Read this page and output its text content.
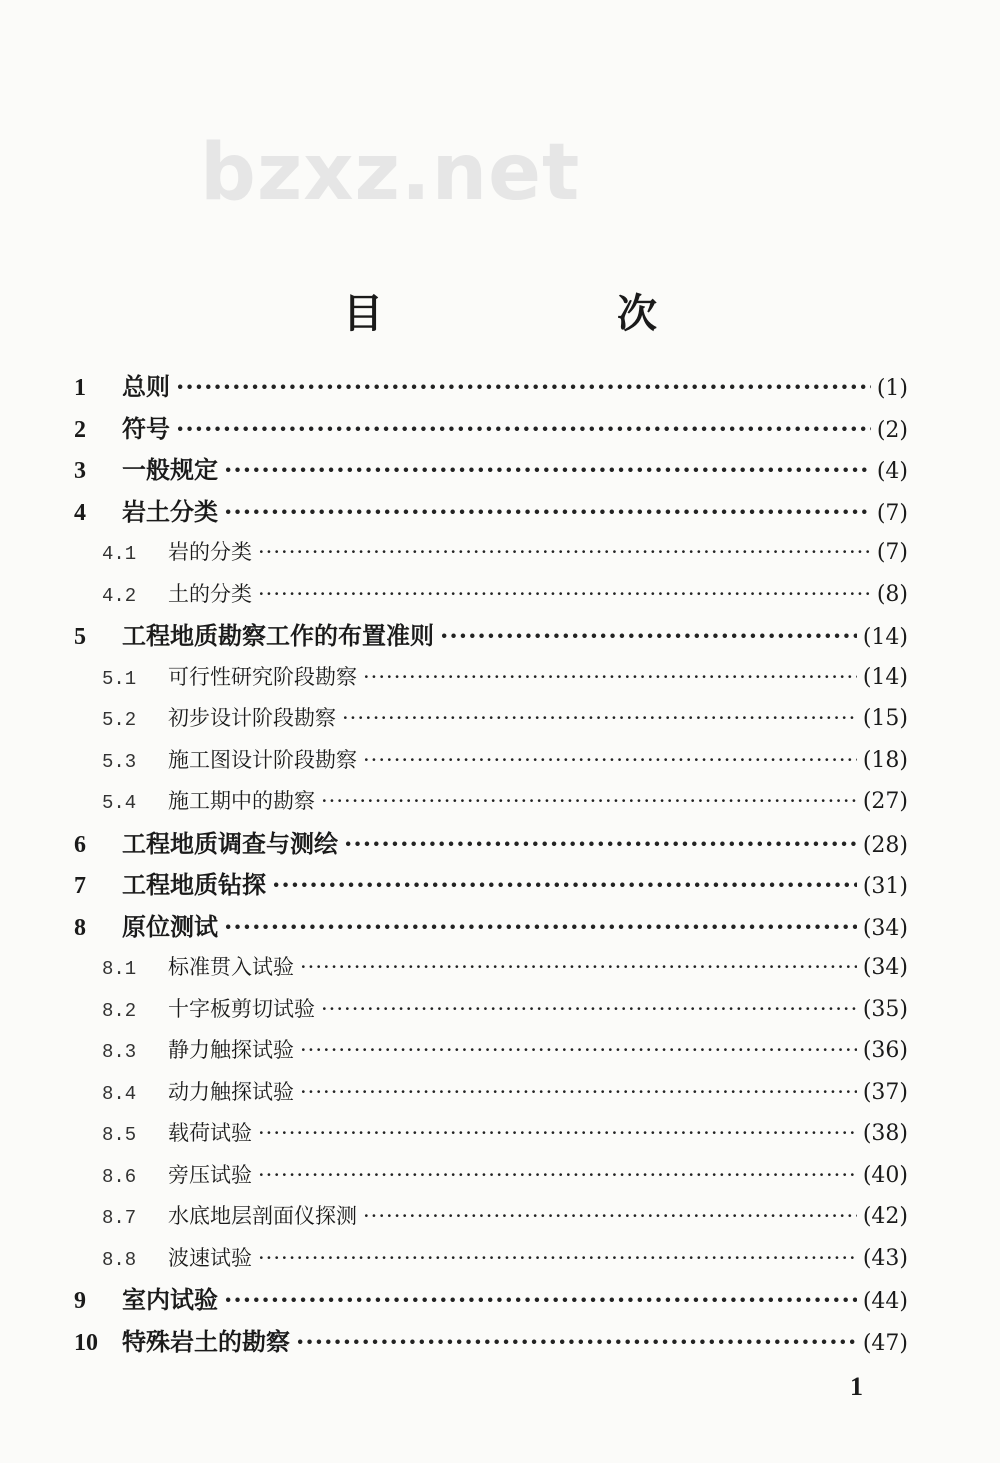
bzxz.net
目 次
1	总则 ·····	(1)
2	符号 ·····	(2)
3	一般规定 ·····	(4)
4	岩土分类 ·····	(7)
4.1	岩的分类 ·····	(7)
4.2	土的分类 ·····	(8)
5	工程地质勘察工作的布置准则 ·····	(14)
5.1	可行性研究阶段勘察 ·····	(14)
5.2	初步设计阶段勘察 ·····	(15)
5.3	施工图设计阶段勘察 ·····	(18)
5.4	施工期中的勘察 ·····	(27)
6	工程地质调查与测绘 ·····	(28)
7	工程地质钻探 ·····	(31)
8	原位测试 ·····	(34)
8.1	标准贯入试验 ·····	(34)
8.2	十字板剪切试验 ·····	(35)
8.3	静力触探试验 ·····	(36)
8.4	动力触探试验 ·····	(37)
8.5	载荷试验 ·····	(38)
8.6	旁压试验 ·····	(40)
8.7	水底地层剖面仪探测 ·····	(42)
8.8	波速试验 ·····	(43)
9	室内试验 ·····	(44)
10	特殊岩土的勘察 ·····	(47)
1
